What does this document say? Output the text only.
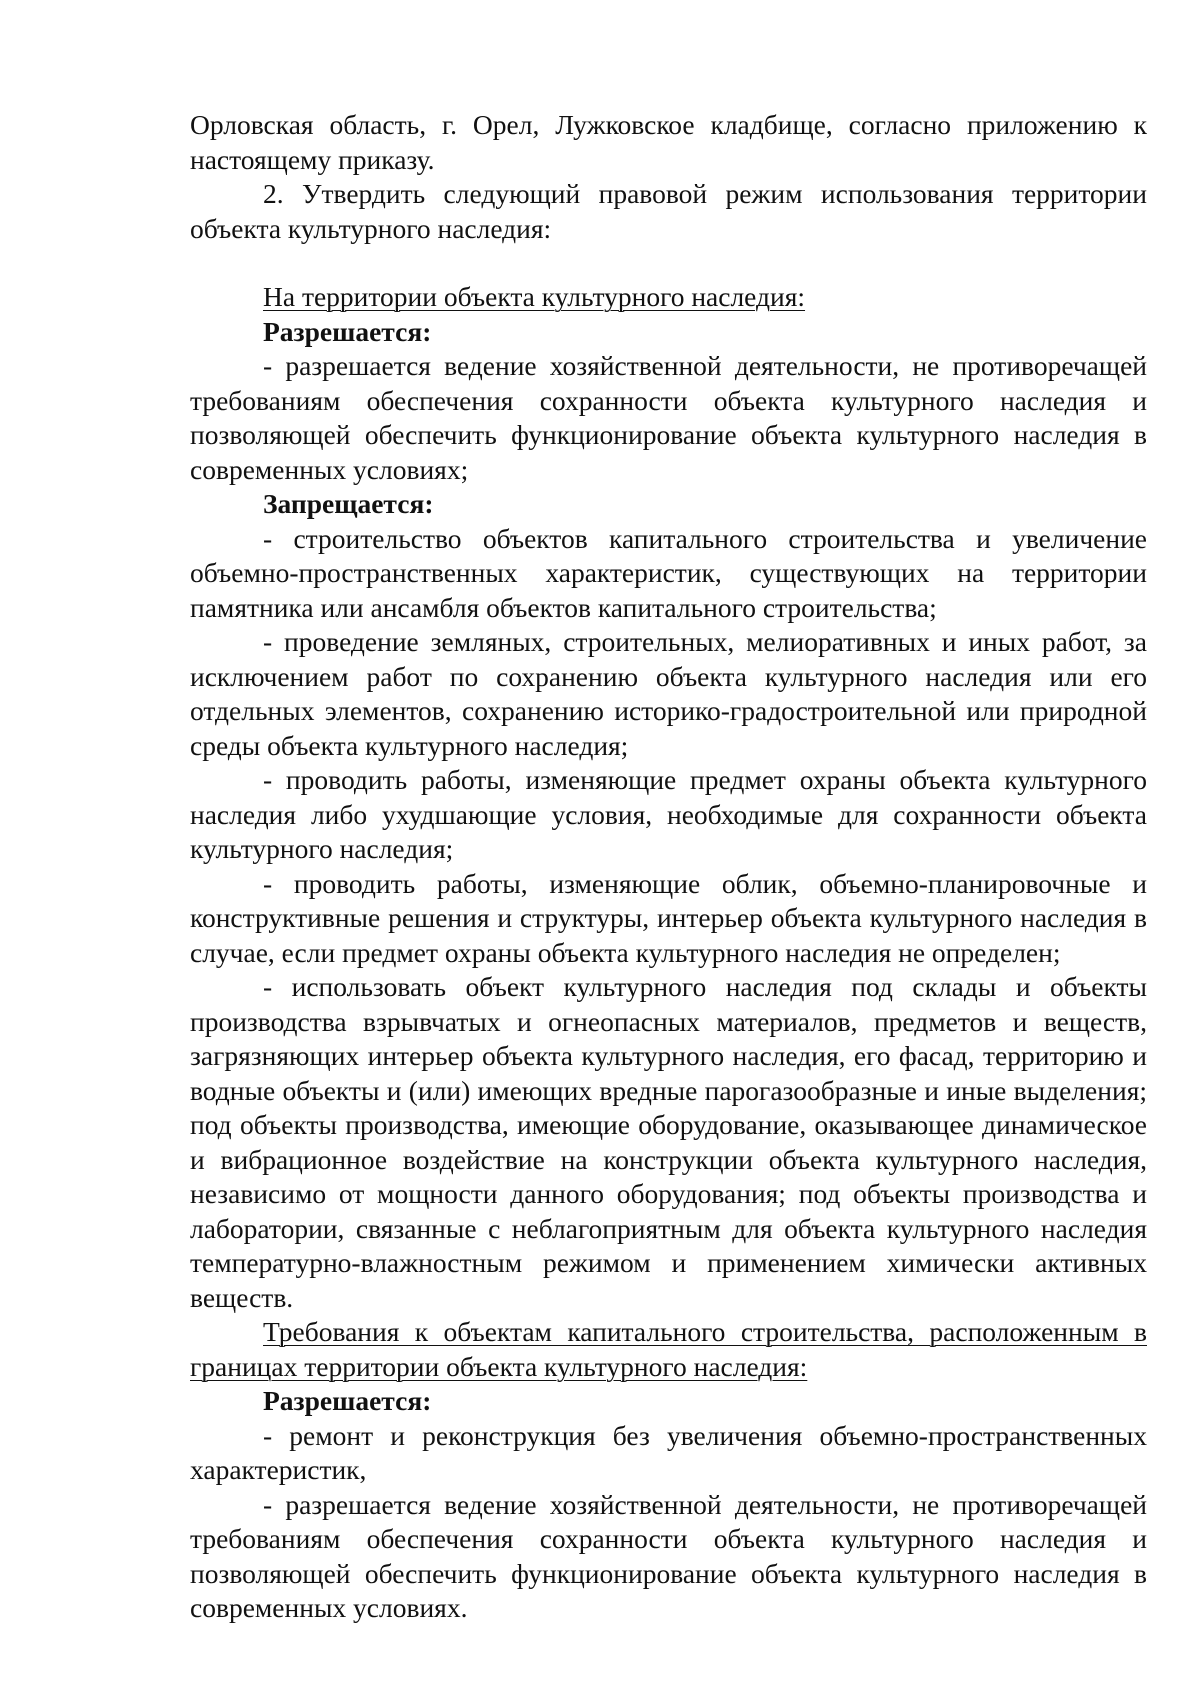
Орловская область, г. Орел, Лужковское кладбище, согласно приложению к настоящему приказу.

2. Утвердить следующий правовой режим использования территории объекта культурного наследия:

На территории объекта культурного наследия:

Разрешается:

- разрешается ведение хозяйственной деятельности, не противоречащей требованиям обеспечения сохранности объекта культурного наследия и позволяющей обеспечить функционирование объекта культурного наследия в современных условиях;

Запрещается:

- строительство объектов капитального строительства и увеличение объемно-пространственных характеристик, существующих на территории памятника или ансамбля объектов капитального строительства;

- проведение земляных, строительных, мелиоративных и иных работ, за исключением работ по сохранению объекта культурного наследия или его отдельных элементов, сохранению историко-градостроительной или природной среды объекта культурного наследия;

- проводить работы, изменяющие предмет охраны объекта культурного наследия либо ухудшающие условия, необходимые для сохранности объекта культурного наследия;

- проводить работы, изменяющие облик, объемно-планировочные и конструктивные решения и структуры, интерьер объекта культурного наследия в случае, если предмет охраны объекта культурного наследия не определен;

- использовать объект культурного наследия под склады и объекты производства взрывчатых и огнеопасных материалов, предметов и веществ, загрязняющих интерьер объекта культурного наследия, его фасад, территорию и водные объекты и (или) имеющих вредные парогазообразные и иные выделения; под объекты производства, имеющие оборудование, оказывающее динамическое и вибрационное воздействие на конструкции объекта культурного наследия, независимо от мощности данного оборудования; под объекты производства и лаборатории, связанные с неблагоприятным для объекта культурного наследия температурно-влажностным режимом и применением химически активных веществ.

Требования к объектам капитального строительства, расположенным в границах территории объекта культурного наследия:

Разрешается:

- ремонт и реконструкция без увеличения объемно-пространственных характеристик,

- разрешается ведение хозяйственной деятельности, не противоречащей требованиям обеспечения сохранности объекта культурного наследия и позволяющей обеспечить функционирование объекта культурного наследия в современных условиях.
